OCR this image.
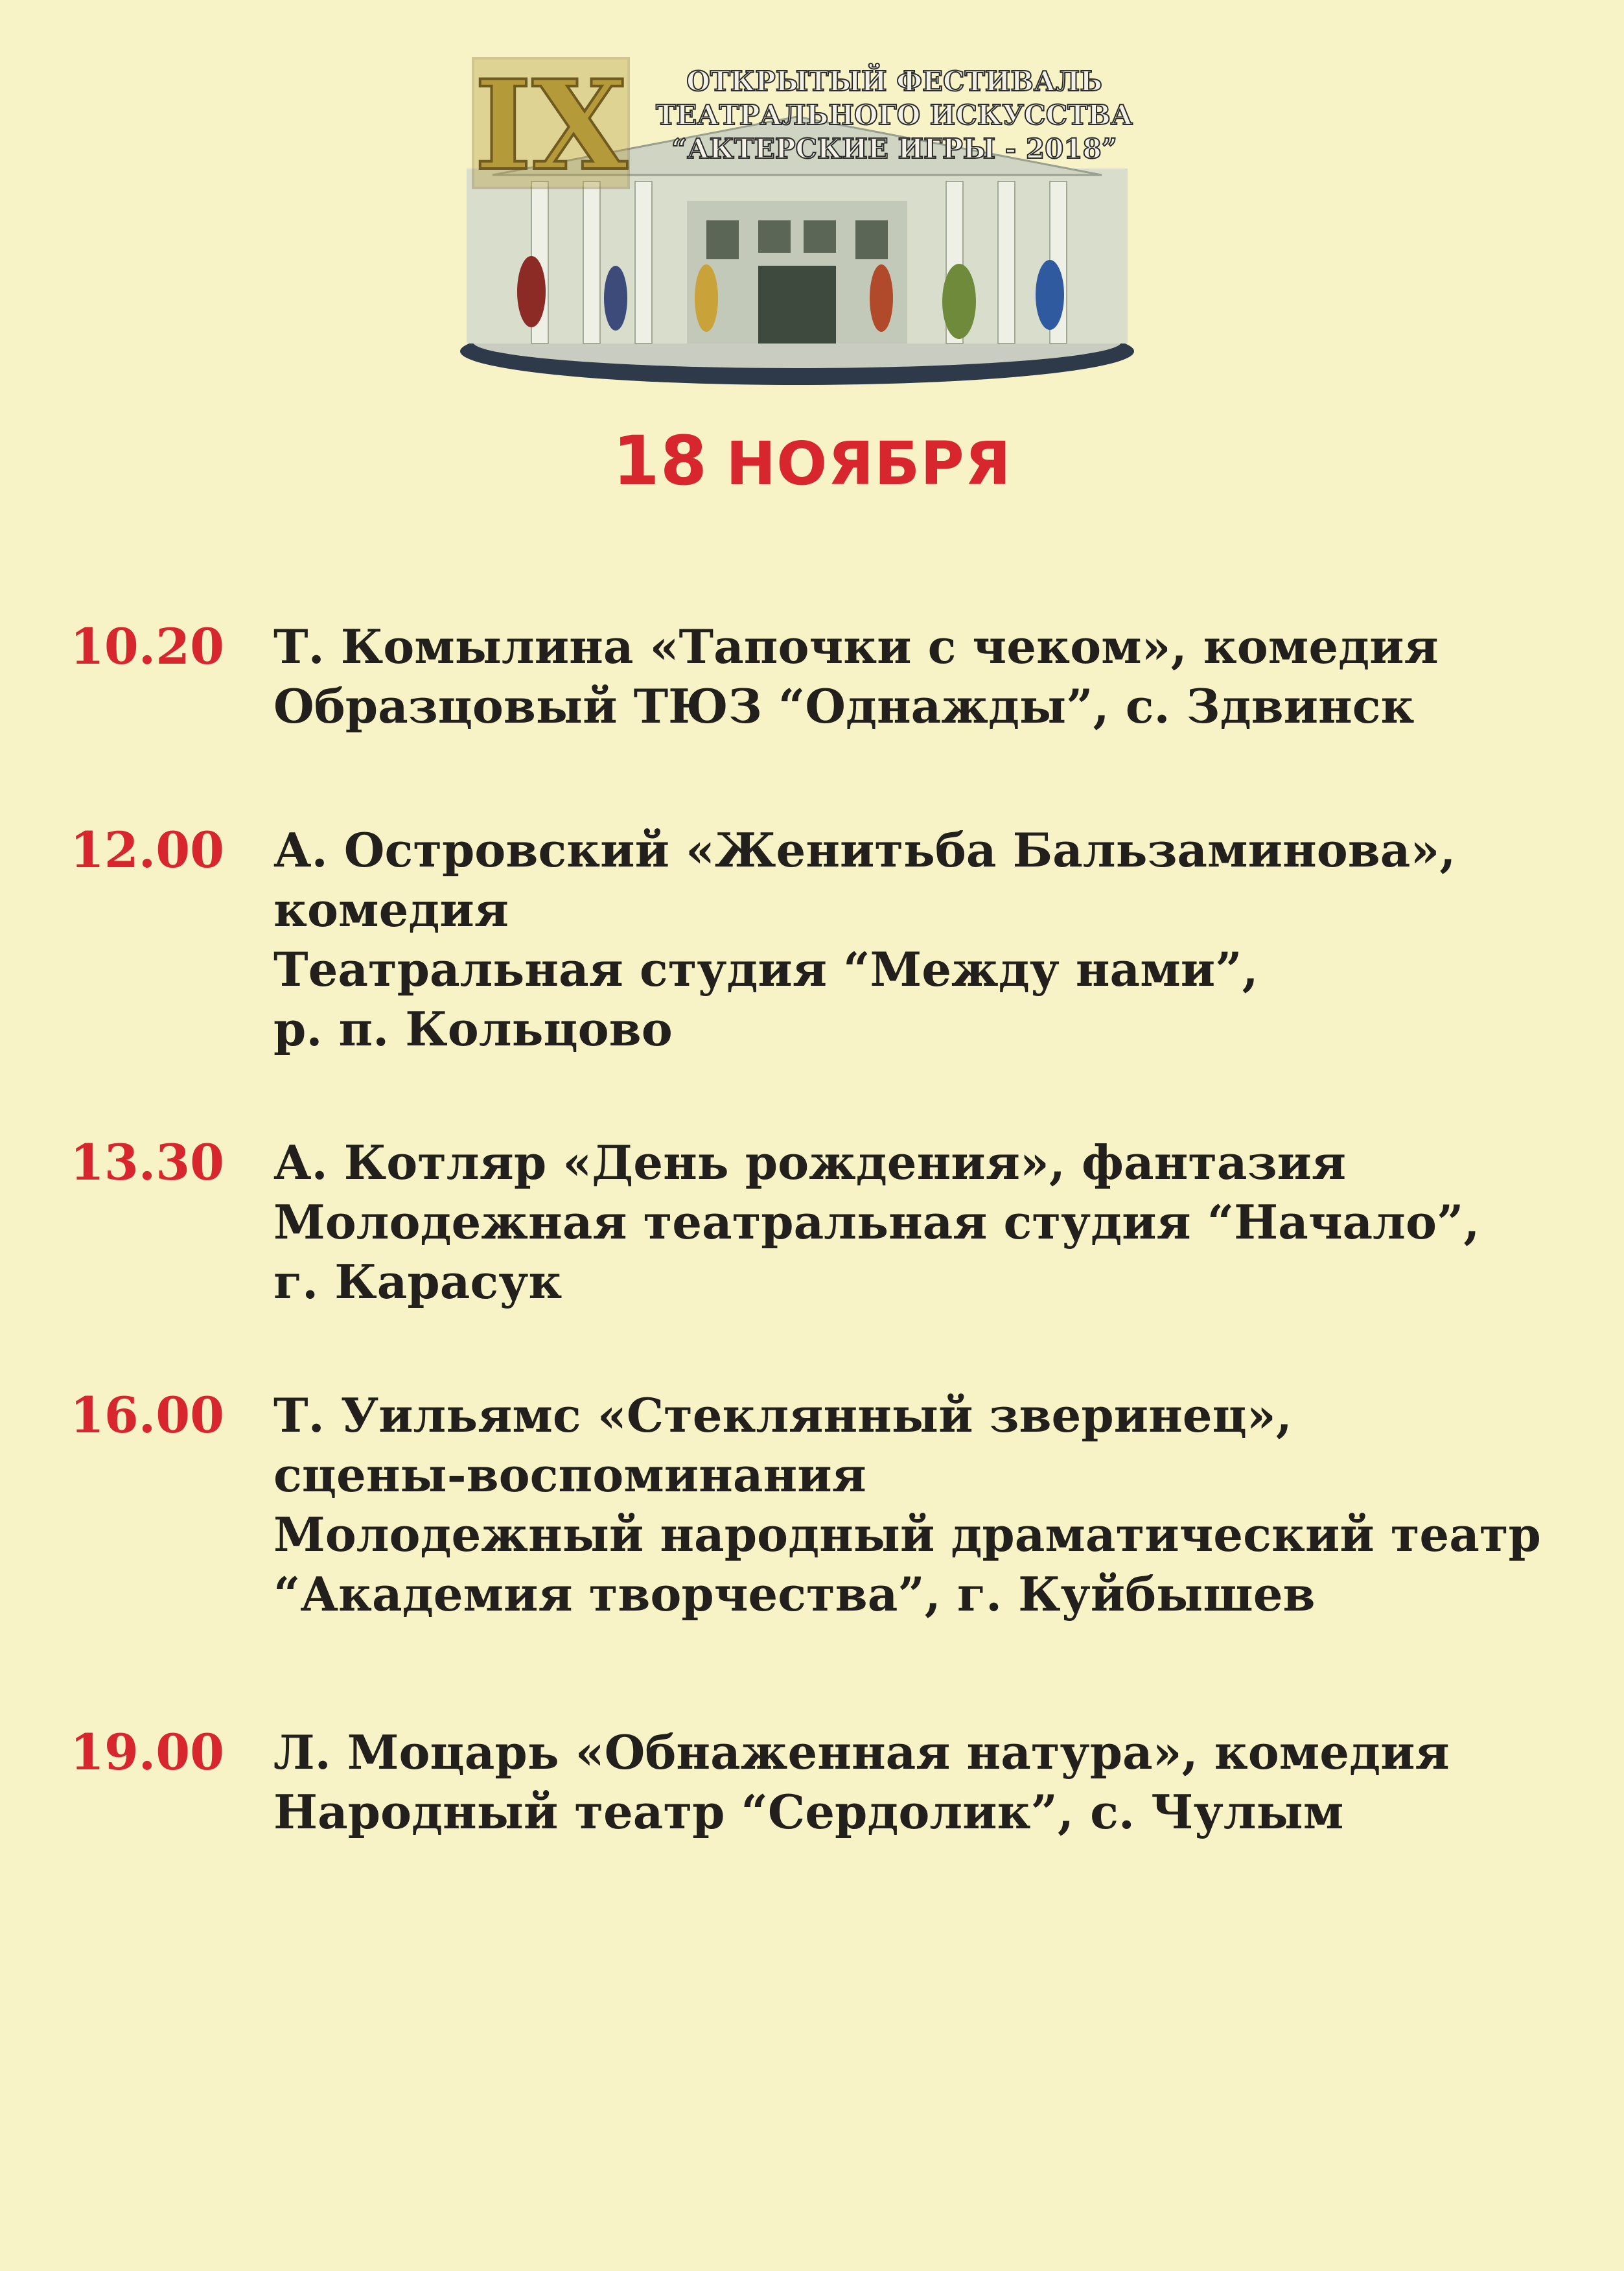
IX ОТКРЫТЫЙ ФЕСТИВАЛЬ
ТЕАТРАЛЬНОГО ИСКУССТВА
“АКТЕРСКИЕ ИГРЫ - 2018”
18 НОЯБРЯ
10.20 Т. Комылина «Тапочки с чеком», комедия
Образцовый ТЮЗ “Однажды”, с. Здвинск
12.00 А. Островский «Женитьба Бальзаминова»,
комедия
Театральная студия “Между нами”,
р. п. Кольцово
13.30 А. Котляр «День рождения», фантазия
Молодежная театральная студия “Начало”,
г. Карасук
16.00 Т. Уильямс «Стеклянный зверинец»,
сцены-воспоминания
Молодежный народный драматический театр
“Академия творчества”, г. Куйбышев
19.00 Л. Моцарь «Обнаженная натура», комедия
Народный театр “Сердолик”, с. Чулым
